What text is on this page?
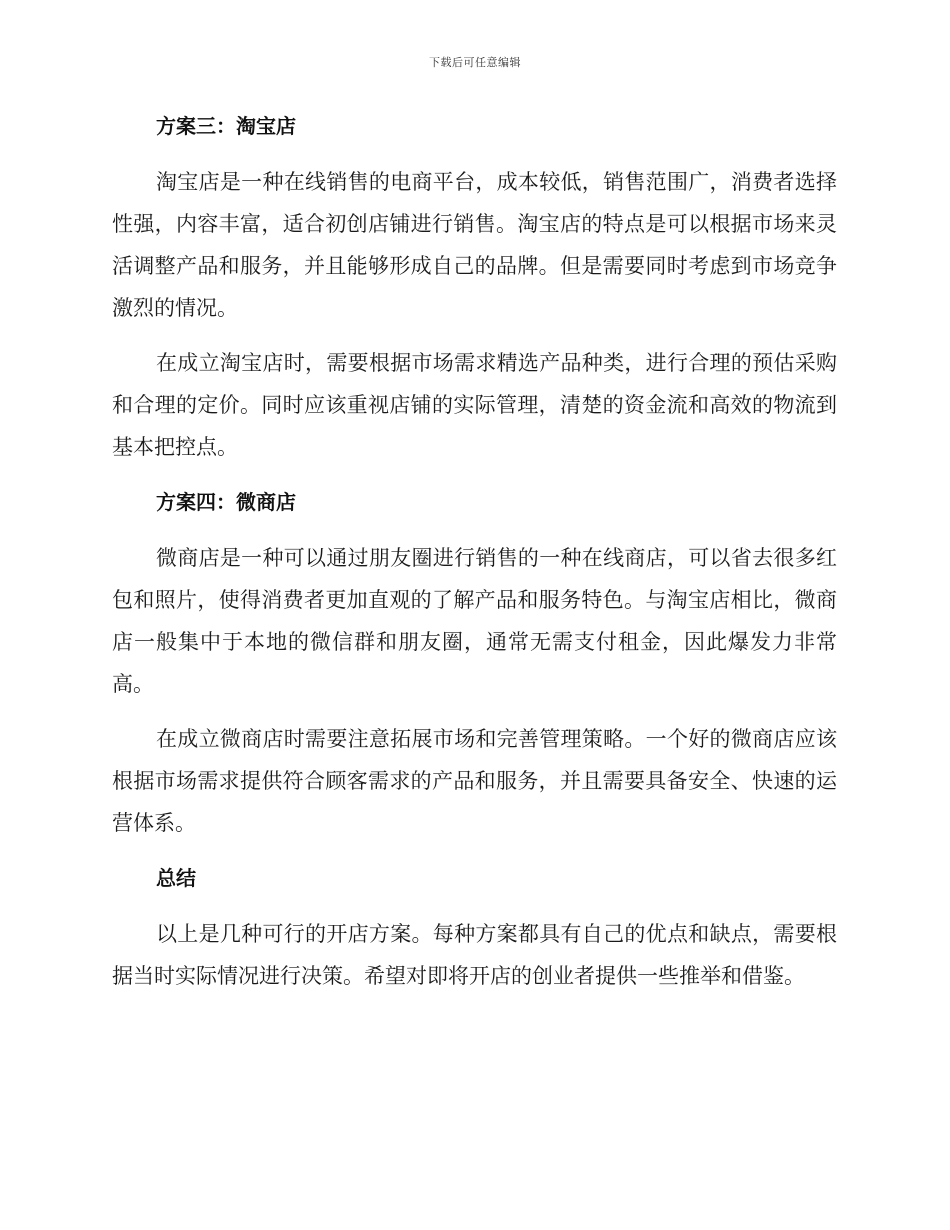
下载后可任意编辑
方案三：淘宝店

淘宝店是一种在线销售的电商平台，成本较低，销售范围广，消费者选择性强，内容丰富，适合初创店铺进行销售。淘宝店的特点是可以根据市场来灵活调整产品和服务，并且能够形成自己的品牌。但是需要同时考虑到市场竞争激烈的情况。

在成立淘宝店时，需要根据市场需求精选产品种类，进行合理的预估采购和合理的定价。同时应该重视店铺的实际管理，清楚的资金流和高效的物流到基本把控点。

方案四：微商店

微商店是一种可以通过朋友圈进行销售的一种在线商店，可以省去很多红包和照片，使得消费者更加直观的了解产品和服务特色。与淘宝店相比，微商店一般集中于本地的微信群和朋友圈，通常无需支付租金，因此爆发力非常高。

在成立微商店时需要注意拓展市场和完善管理策略。一个好的微商店应该根据市场需求提供符合顾客需求的产品和服务，并且需要具备安全、快速的运营体系。

总结

以上是几种可行的开店方案。每种方案都具有自己的优点和缺点，需要根据当时实际情况进行决策。希望对即将开店的创业者提供一些推举和借鉴。
